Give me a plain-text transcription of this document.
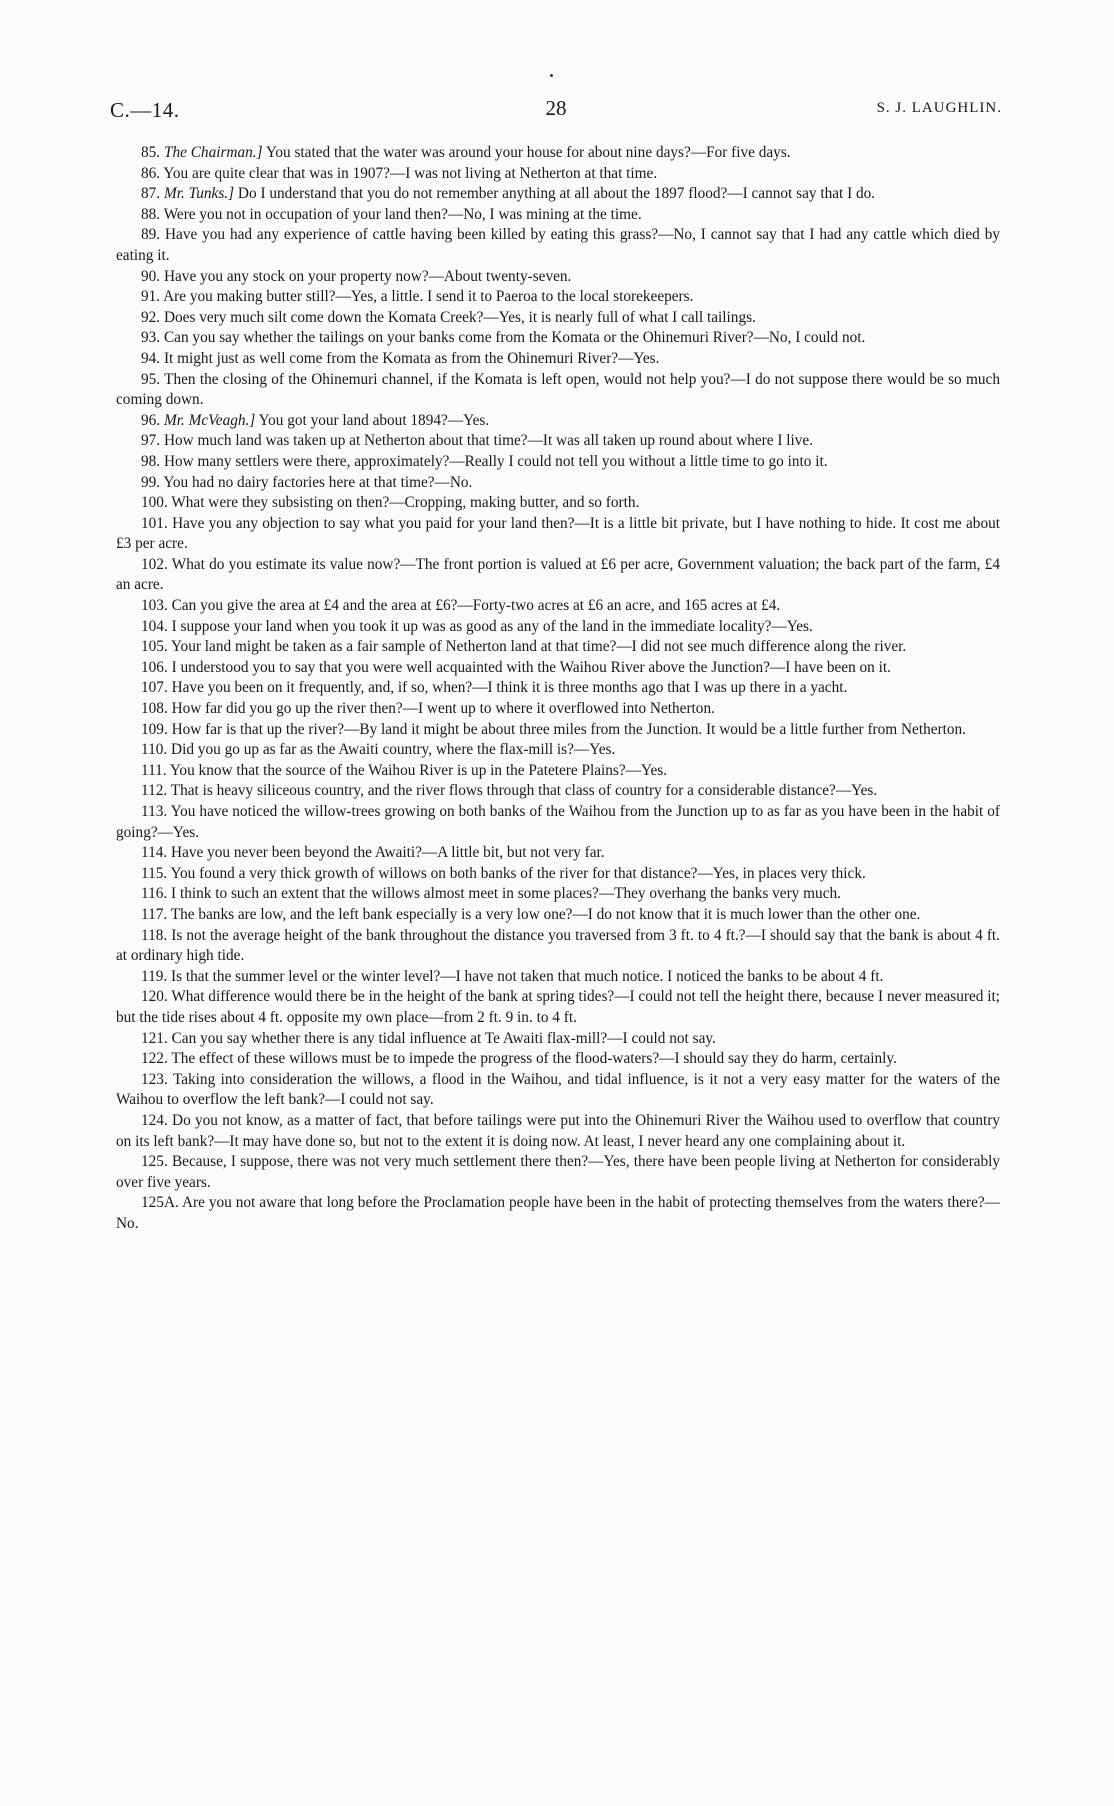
C.—14.	28	S. J. LAUGHLIN.

85. The Chairman.] You stated that the water was around your house for about nine days?—For five days.

86. You are quite clear that was in 1907?—I was not living at Netherton at that time.

87. Mr. Tunks.] Do I understand that you do not remember anything at all about the 1897 flood?—I cannot say that I do.

88. Were you not in occupation of your land then?—No, I was mining at the time.

89. Have you had any experience of cattle having been killed by eating this grass?—No, I cannot say that I had any cattle which died by eating it.

90. Have you any stock on your property now?—About twenty-seven.

91. Are you making butter still?—Yes, a little. I send it to Paeroa to the local storekeepers.

92. Does very much silt come down the Komata Creek?—Yes, it is nearly full of what I call tailings.

93. Can you say whether the tailings on your banks come from the Komata or the Ohinemuri River?—No, I could not.

94. It might just as well come from the Komata as from the Ohinemuri River?—Yes.

95. Then the closing of the Ohinemuri channel, if the Komata is left open, would not help you?—I do not suppose there would be so much coming down.

96. Mr. McVeagh.] You got your land about 1894?—Yes.

97. How much land was taken up at Netherton about that time?—It was all taken up round about where I live.

98. How many settlers were there, approximately?—Really I could not tell you without a little time to go into it.

99. You had no dairy factories here at that time?—No.

100. What were they subsisting on then?—Cropping, making butter, and so forth.

101. Have you any objection to say what you paid for your land then?—It is a little bit private, but I have nothing to hide. It cost me about £3 per acre.

102. What do you estimate its value now?—The front portion is valued at £6 per acre, Government valuation; the back part of the farm, £4 an acre.

103. Can you give the area at £4 and the area at £6?—Forty-two acres at £6 an acre, and 165 acres at £4.

104. I suppose your land when you took it up was as good as any of the land in the immediate locality?—Yes.

105. Your land might be taken as a fair sample of Netherton land at that time?—I did not see much difference along the river.

106. I understood you to say that you were well acquainted with the Waihou River above the Junction?—I have been on it.

107. Have you been on it frequently, and, if so, when?—I think it is three months ago that I was up there in a yacht.

108. How far did you go up the river then?—I went up to where it overflowed into Netherton.

109. How far is that up the river?—By land it might be about three miles from the Junction. It would be a little further from Netherton.

110. Did you go up as far as the Awaiti country, where the flax-mill is?—Yes.

111. You know that the source of the Waihou River is up in the Patetere Plains?—Yes.

112. That is heavy siliceous country, and the river flows through that class of country for a considerable distance?—Yes.

113. You have noticed the willow-trees growing on both banks of the Waihou from the Junction up to as far as you have been in the habit of going?—Yes.

114. Have you never been beyond the Awaiti?—A little bit, but not very far.

115. You found a very thick growth of willows on both banks of the river for that distance?—Yes, in places very thick.

116. I think to such an extent that the willows almost meet in some places?—They overhang the banks very much.

117. The banks are low, and the left bank especially is a very low one?—I do not know that it is much lower than the other one.

118. Is not the average height of the bank throughout the distance you traversed from 3 ft. to 4 ft.?—I should say that the bank is about 4 ft. at ordinary high tide.

119. Is that the summer level or the winter level?—I have not taken that much notice. I noticed the banks to be about 4 ft.

120. What difference would there be in the height of the bank at spring tides?—I could not tell the height there, because I never measured it; but the tide rises about 4 ft. opposite my own place—from 2 ft. 9 in. to 4 ft.

121. Can you say whether there is any tidal influence at Te Awaiti flax-mill?—I could not say.

122. The effect of these willows must be to impede the progress of the flood-waters?—I should say they do harm, certainly.

123. Taking into consideration the willows, a flood in the Waihou, and tidal influence, is it not a very easy matter for the waters of the Waihou to overflow the left bank?—I could not say.

124. Do you not know, as a matter of fact, that before tailings were put into the Ohinemuri River the Waihou used to overflow that country on its left bank?—It may have done so, but not to the extent it is doing now. At least, I never heard any one complaining about it.

125. Because, I suppose, there was not very much settlement there then?—Yes, there have been people living at Netherton for considerably over five years.

125A. Are you not aware that long before the Proclamation people have been in the habit of protecting themselves from the waters there?—No.
